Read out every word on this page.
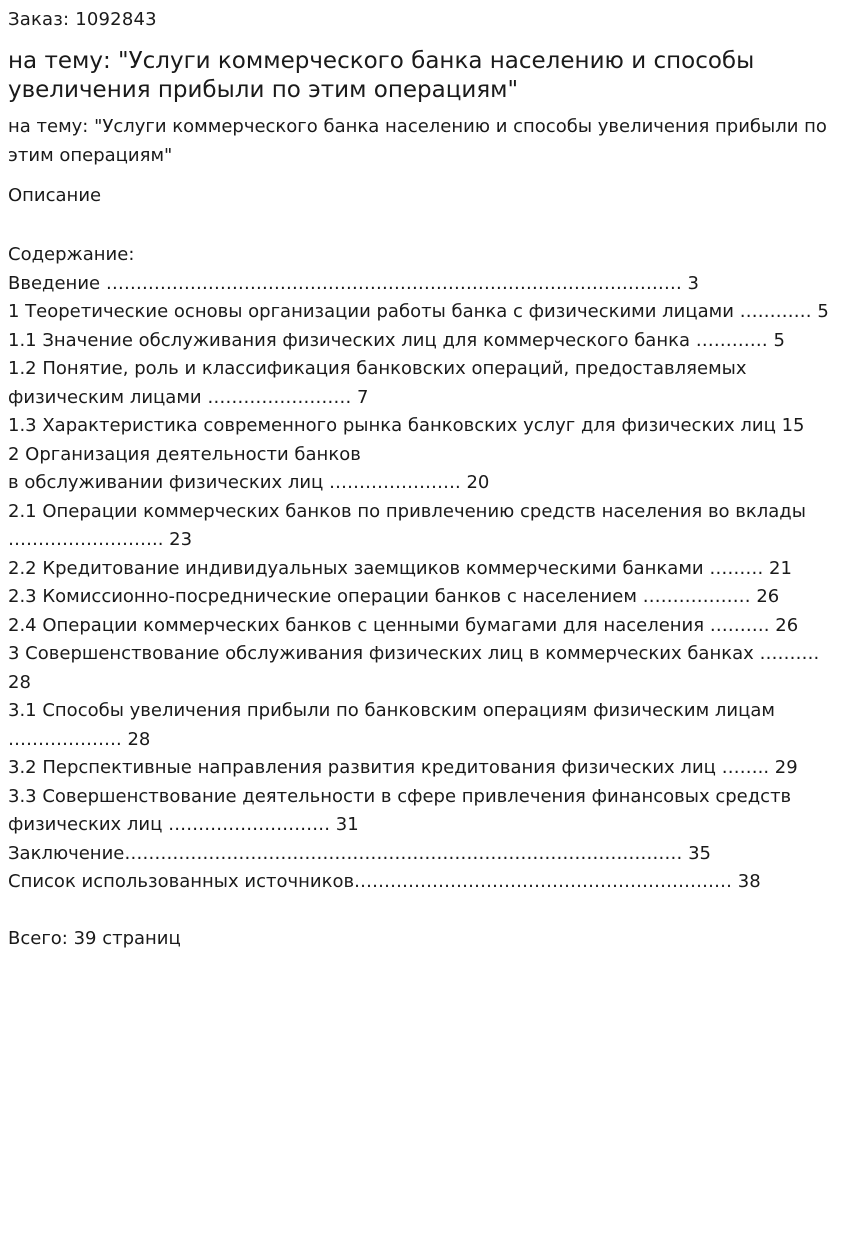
Заказ: 1092843
на тему: "Услуги коммерческого банка населению и способы увеличения прибыли по этим операциям"
на тему: "Услуги коммерческого банка населению и способы увеличения прибыли по этим операциям"
Описание
Содержание:
Введение …………………………………………………………………………………… 3
1 Теоретические основы организации работы банка с физическими лицами ………… 5
1.1 Значение обслуживания физических лиц для коммерческого банка ………… 5
1.2 Понятие, роль и классификация банковских операций, предоставляемых физическим лицами …………………… 7
1.3 Характеристика современного рынка банковских услуг для физических лиц 15
2 Организация деятельности банков
в обслуживании физических лиц …………………. 20
2.1 Операции коммерческих банков по привлечению средств населения во вклады …………………….. 23
2.2 Кредитование индивидуальных заемщиков коммерческими банками ……… 21
2.3 Комиссионно-посреднические операции банков с населением ……………… 26
2.4 Операции коммерческих банков с ценными бумагами для населения ………. 26
3 Совершенствование обслуживания физических лиц в коммерческих банках ………. 28
3.1 Способы увеличения прибыли по банковским операциям физическим лицам ………………. 28
3.2 Перспективные направления развития кредитования физических лиц …….. 29
3.3 Совершенствование деятельности в сфере привлечения финансовых средств физических лиц ……………………… 31
Заключение………………………………………………………………………………… 35
Список использованных источников……………………………………………………… 38
Всего: 39 страниц
